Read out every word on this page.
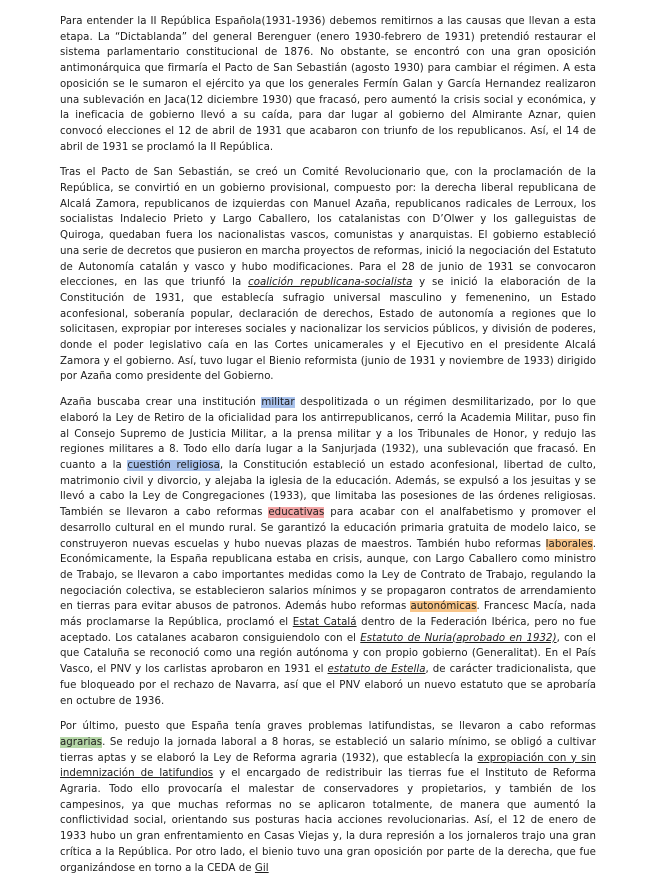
Para entender la II República Española(1931-1936) debemos remitirnos a las causas que llevan a esta etapa. La “Dictablanda” del general Berenguer (enero 1930-febrero de 1931) pretendió restaurar el sistema parlamentario constitucional de 1876. No obstante, se encontró con una gran oposición antimonárquica que firmaría el Pacto de San Sebastián (agosto 1930) para cambiar el régimen. A esta oposición se le sumaron el ejército ya que los generales Fermín Galan y García Hernandez realizaron una sublevación en Jaca(12 diciembre 1930) que fracasó, pero aumentó la crisis social y económica, y la ineficacia de gobierno llevó a su caída, para dar lugar al gobierno del Almirante Aznar, quien convocó elecciones el 12 de abril de 1931 que acabaron con triunfo de los republicanos. Así, el 14 de abril de 1931 se proclamó la II República.

Tras el Pacto de San Sebastián, se creó un Comité Revolucionario que, con la proclamación de la República, se convirtió en un gobierno provisional, compuesto por: la derecha liberal republicana de Alcalá Zamora, republicanos de izquierdas con Manuel Azaña, republicanos radicales de Lerroux, los socialistas Indalecio Prieto y Largo Caballero, los catalanistas con D’Olwer y los galleguistas de Quiroga, quedaban fuera los nacionalistas vascos, comunistas y anarquistas. El gobierno estableció una serie de decretos que pusieron en marcha proyectos de reformas, inició la negociación del Estatuto de Autonomía catalán y vasco y hubo modificaciones. Para el 28 de junio de 1931 se convocaron elecciones, en las que triunfó la coalición republicana-socialista y se inició la elaboración de la Constitución de 1931, que establecía sufragio universal masculino y femenenino, un Estado aconfesional, soberanía popular, declaración de derechos, Estado de autonomía a regiones que lo solicitasen, expropiar por intereses sociales y nacionalizar los servicios públicos, y división de poderes, donde el poder legislativo caía en las Cortes unicamerales y el Ejecutivo en el presidente Alcalá Zamora y el gobierno. Así, tuvo lugar el Bienio reformista (junio de 1931 y noviembre de 1933) dirigido por Azaña como presidente del Gobierno.

Azaña buscaba crear una institución militar despolitizada o un régimen desmilitarizado, por lo que elaboró la Ley de Retiro de la oficialidad para los antirrepublicanos, cerró la Academia Militar, puso fin al Consejo Supremo de Justicia Militar, a la prensa militar y a los Tribunales de Honor, y redujo las regiones militares a 8. Todo ello daría lugar a la Sanjurjada (1932), una sublevación que fracasó. En cuanto a la cuestión religiosa, la Constitución estableció un estado aconfesional, libertad de culto, matrimonio civil y divorcio, y alejaba la iglesia de la educación. Además, se expulsó a los jesuitas y se llevó a cabo la Ley de Congregaciones (1933), que limitaba las posesiones de las órdenes religiosas. También se llevaron a cabo reformas educativas para acabar con el analfabetismo y promover el desarrollo cultural en el mundo rural. Se garantizó la educación primaria gratuita de modelo laico, se construyeron nuevas escuelas y hubo nuevas plazas de maestros. También hubo reformas laborales. Económicamente, la España republicana estaba en crisis, aunque, con Largo Caballero como ministro de Trabajo, se llevaron a cabo importantes medidas como la Ley de Contrato de Trabajo, regulando la negociación colectiva, se establecieron salarios mínimos y se propagaron contratos de arrendamiento en tierras para evitar abusos de patronos. Además hubo reformas autonómicas. Francesc Macía, nada más proclamarse la República, proclamó el Estat Catalá dentro de la Federación Ibérica, pero no fue aceptado. Los catalanes acabaron consiguiendolo con el Estatuto de Nuria(aprobado en 1932), con el que Cataluña se reconoció como una región autónoma y con propio gobierno (Generalitat). En el País Vasco, el PNV y los carlistas aprobaron en 1931 el estatuto de Estella, de carácter tradicionalista, que fue bloqueado por el rechazo de Navarra, así que el PNV elaboró un nuevo estatuto que se aprobaría en octubre de 1936.

Por último, puesto que España tenía graves problemas latifundistas, se llevaron a cabo reformas agrarias. Se redujo la jornada laboral a 8 horas, se estableció un salario mínimo, se obligó a cultivar tierras aptas y se elaboró la Ley de Reforma agraria (1932), que establecía la expropiación con y sin indemnización de latifundios y el encargado de redistribuir las tierras fue el Instituto de Reforma Agraria. Todo ello provocaría el malestar de conservadores y propietarios, y también de los campesinos, ya que muchas reformas no se aplicaron totalmente, de manera que aumentó la conflictividad social, orientando sus posturas hacia acciones revolucionarias. Así, el 12 de enero de 1933 hubo un gran enfrentamiento en Casas Viejas y, la dura represión a los jornaleros trajo una gran crítica a la República. Por otro lado, el bienio tuvo una gran oposición por parte de la derecha, que fue organizándose en torno a la CEDA de Gil
